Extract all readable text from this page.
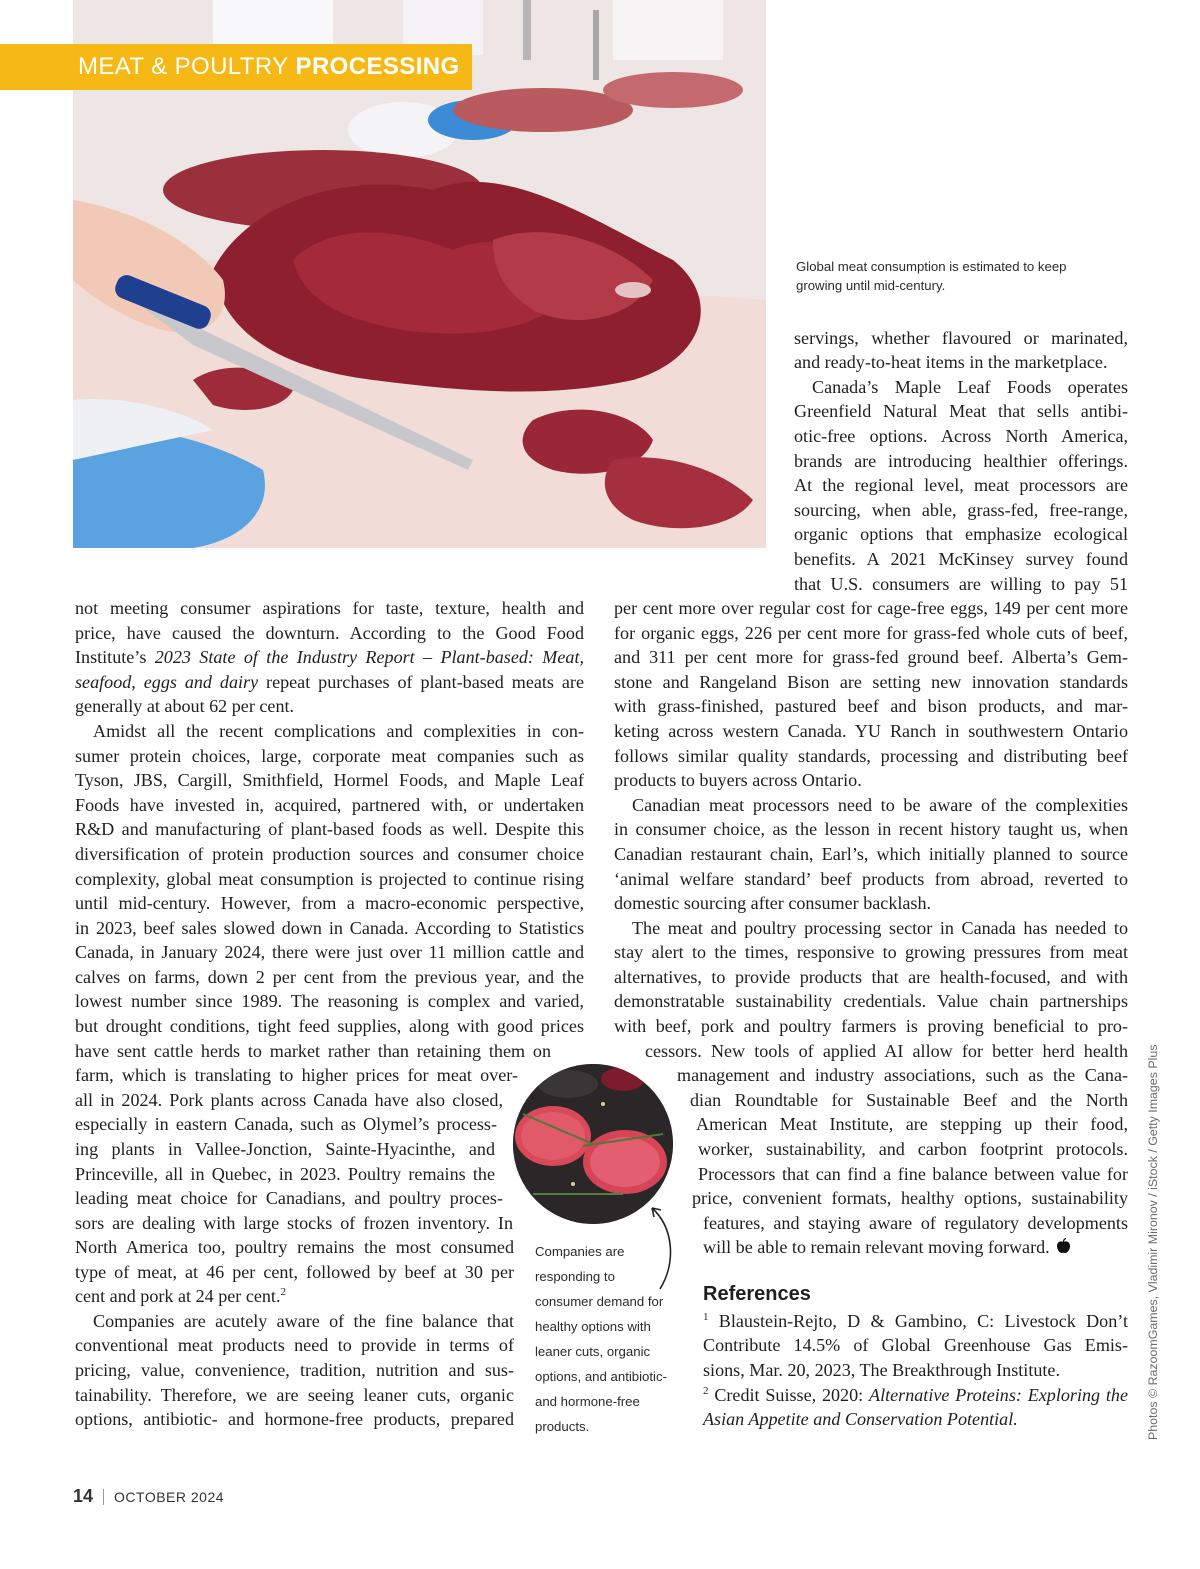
MEAT & POULTRY PROCESSING
Global meat consumption is estimated to keep
growing until mid-century.
servings, whether flavoured or marinated,
and ready-to-heat items in the marketplace.
Canada’s Maple Leaf Foods operates
Greenfield Natural Meat that sells antibi-
otic-free options. Across North America,
brands are introducing healthier offerings.
At the regional level, meat processors are
sourcing, when able, grass-fed, free-range,
organic options that emphasize ecological
benefits. A 2021 McKinsey survey found
that U.S. consumers are willing to pay 51
per cent more over regular cost for cage-free eggs, 149 per cent more
for organic eggs, 226 per cent more for grass-fed whole cuts of beef,
and 311 per cent more for grass-fed ground beef. Alberta’s Gem-
stone and Rangeland Bison are setting new innovation standards
with grass-finished, pastured beef and bison products, and mar-
keting across western Canada. YU Ranch in southwestern Ontario
follows similar quality standards, processing and distributing beef
products to buyers across Ontario.
Canadian meat processors need to be aware of the complexities
in consumer choice, as the lesson in recent history taught us, when
Canadian restaurant chain, Earl’s, which initially planned to source
‘animal welfare standard’ beef products from abroad, reverted to
domestic sourcing after consumer backlash.
The meat and poultry processing sector in Canada has needed to
stay alert to the times, responsive to growing pressures from meat
alternatives, to provide products that are health-focused, and with
demonstratable sustainability credentials. Value chain partnerships
with beef, pork and poultry farmers is proving beneficial to pro-
cessors. New tools of applied AI allow for better herd health
management and industry associations, such as the Cana-
dian Roundtable for Sustainable Beef and the North
American Meat Institute, are stepping up their food,
worker, sustainability, and carbon footprint protocols.
Processors that can find a fine balance between value for
price, convenient formats, healthy options, sustainability
features, and staying aware of regulatory developments
will be able to remain relevant moving forward.
not meeting consumer aspirations for taste, texture, health and
price, have caused the downturn. According to the Good Food
Institute’s 2023 State of the Industry Report – Plant-based: Meat,
seafood, eggs and dairy repeat purchases of plant-based meats are
generally at about 62 per cent.
Amidst all the recent complications and complexities in con-
sumer protein choices, large, corporate meat companies such as
Tyson, JBS, Cargill, Smithfield, Hormel Foods, and Maple Leaf
Foods have invested in, acquired, partnered with, or undertaken
R&D and manufacturing of plant-based foods as well. Despite this
diversification of protein production sources and consumer choice
complexity, global meat consumption is projected to continue rising
until mid-century. However, from a macro-economic perspective,
in 2023, beef sales slowed down in Canada. According to Statistics
Canada, in January 2024, there were just over 11 million cattle and
calves on farms, down 2 per cent from the previous year, and the
lowest number since 1989. The reasoning is complex and varied,
but drought conditions, tight feed supplies, along with good prices
have sent cattle herds to market rather than retaining them on
farm, which is translating to higher prices for meat over-
all in 2024. Pork plants across Canada have also closed,
especially in eastern Canada, such as Olymel’s process-
ing plants in Vallee-Jonction, Sainte-Hyacinthe, and
Princeville, all in Quebec, in 2023. Poultry remains the
leading meat choice for Canadians, and poultry proces-
sors are dealing with large stocks of frozen inventory. In
North America too, poultry remains the most consumed
type of meat, at 46 per cent, followed by beef at 30 per
cent and pork at 24 per cent.$^2$
Companies are acutely aware of the fine balance that
conventional meat products need to provide in terms of
pricing, value, convenience, tradition, nutrition and sus-
tainability. Therefore, we are seeing leaner cuts, organic
options, antibiotic- and hormone-free products, prepared
Companies are
responding to
consumer demand for
healthy options with
leaner cuts, organic
options, and antibiotic-
and hormone-free
products.
References
$^1$ Blaustein-Rejto, D & Gambino, C: Livestock Don’t
Contribute 14.5% of Global Greenhouse Gas Emis-
sions, Mar. 20, 2023, The Breakthrough Institute.
$^2$ Credit Suisse, 2020: Alternative Proteins: Exploring the
Asian Appetite and Conservation Potential.	Photos © RazoomGames, Vladimir Mironov / iStock / Getty Images Plus
14 OCTOBER 2024
